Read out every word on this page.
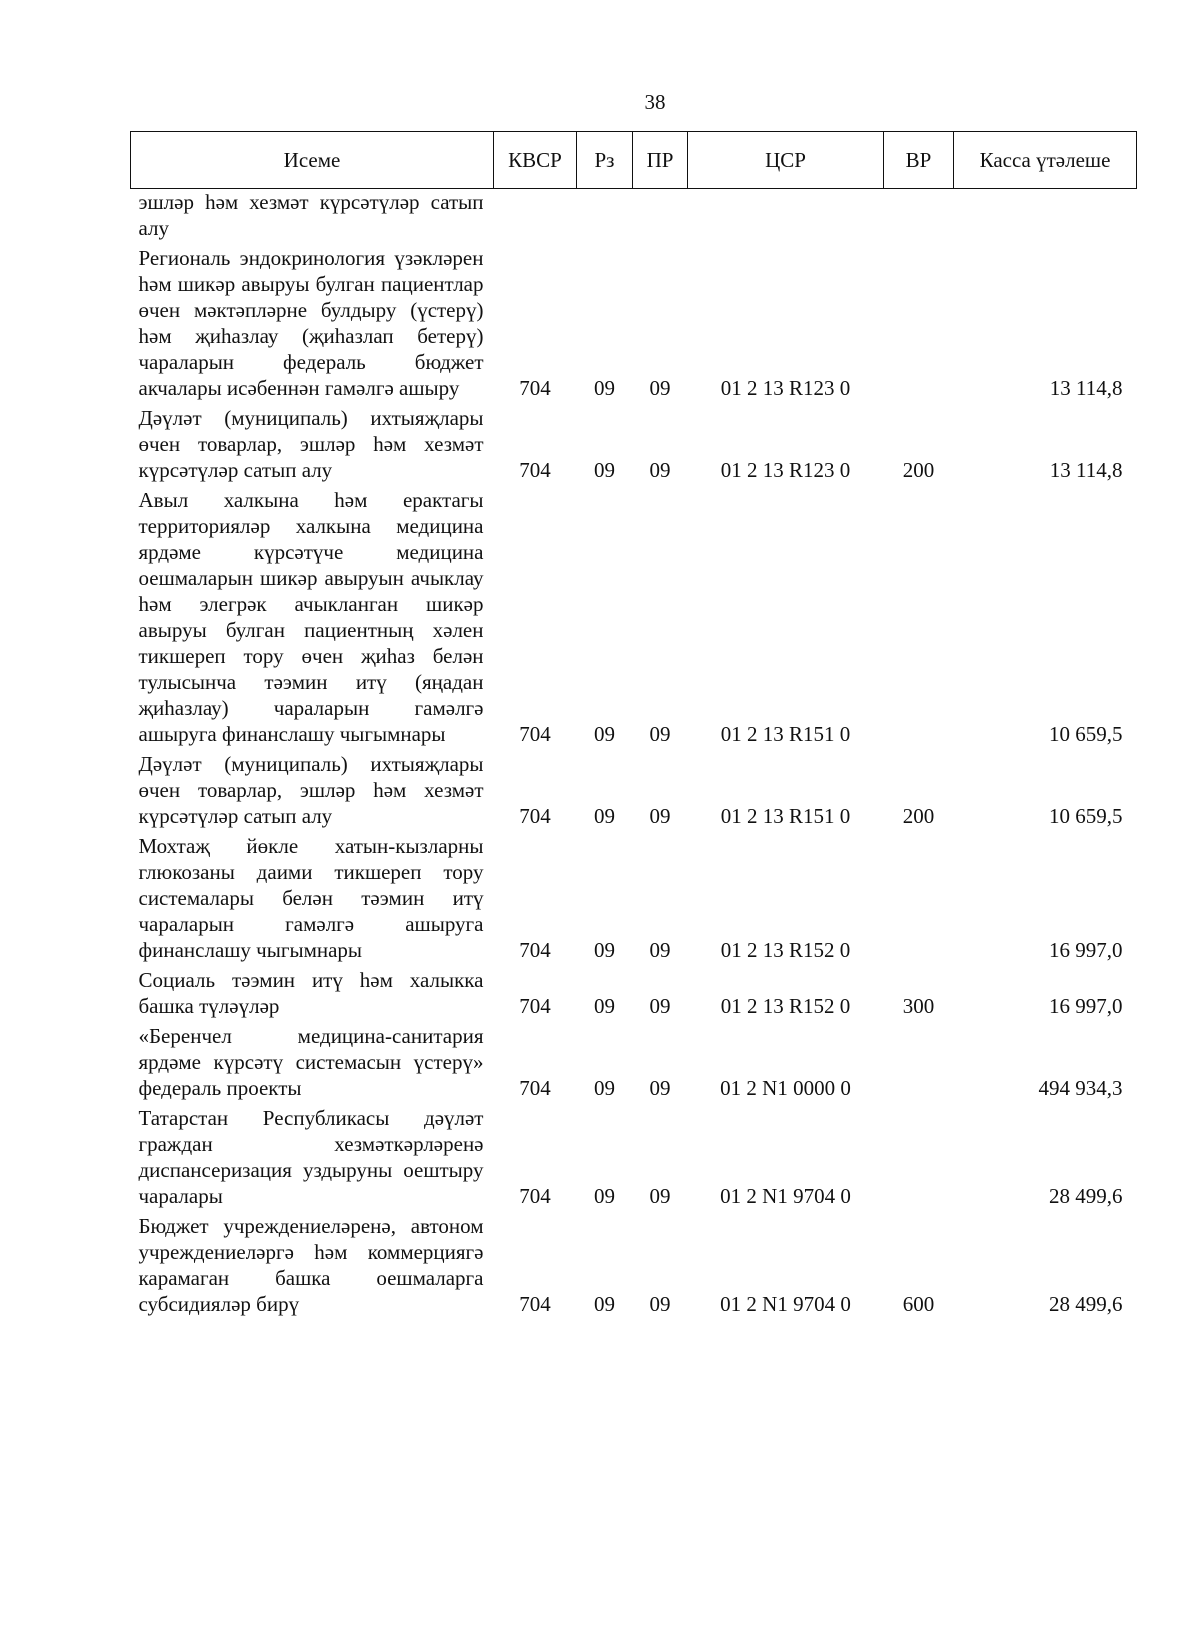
38
Исеме	КВСР	Рз	ПР	ЦСР	ВР	Касса үтәлеше
эшләр һәм хезмәт күрсәтүләр сатып алу						
Региональ эндокринология үзәкләрен һәм шикәр авыруы булган пациентлар өчен мәктәпләрне булдыру (үстерү) һәм җиһазлау (җиһазлап бетерү) чараларын федераль бюджет акчалары исәбеннән гамәлгә ашыру	704	09	09	01 2 13 R123 0		13 114,8
Дәүләт (муниципаль) ихтыяҗлары өчен товарлар, эшләр һәм хезмәт күрсәтүләр сатып алу	704	09	09	01 2 13 R123 0	200	13 114,8
Авыл халкына һәм ерактагы территорияләр халкына медицина ярдәме күрсәтүче медицина оешмаларын шикәр авыруын ачыклау һәм элегрәк ачыкланган шикәр авыруы булган пациентның хәлен тикшереп тору өчен җиһаз белән тулысынча тәэмин итү (яңадан җиһазлау) чараларын гамәлгә ашыруга финанслашу чыгымнары	704	09	09	01 2 13 R151 0		10 659,5
Дәүләт (муниципаль) ихтыяҗлары өчен товарлар, эшләр һәм хезмәт күрсәтүләр сатып алу	704	09	09	01 2 13 R151 0	200	10 659,5
Мохтаҗ йөкле хатын-кызларны глюкозаны даими тикшереп тору системалары белән тәэмин итү чараларын гамәлгә ашыруга финанслашу чыгымнары	704	09	09	01 2 13 R152 0		16 997,0
Социаль тәэмин итү һәм халыкка башка түләүләр	704	09	09	01 2 13 R152 0	300	16 997,0
«Беренчел медицина-санитария ярдәме күрсәтү системасын үстерү» федераль проекты	704	09	09	01 2 N1 0000 0		494 934,3
Татарстан Республикасы дәүләт граждан хезмәткәрләренә диспансеризация уздыруны оештыру чаралары	704	09	09	01 2 N1 9704 0		28 499,6
Бюджет учреждениеләренә, автоном учреждениеләргә һәм коммерциягә карамаган башка оешмаларга субсидияләр бирү	704	09	09	01 2 N1 9704 0	600	28 499,6
